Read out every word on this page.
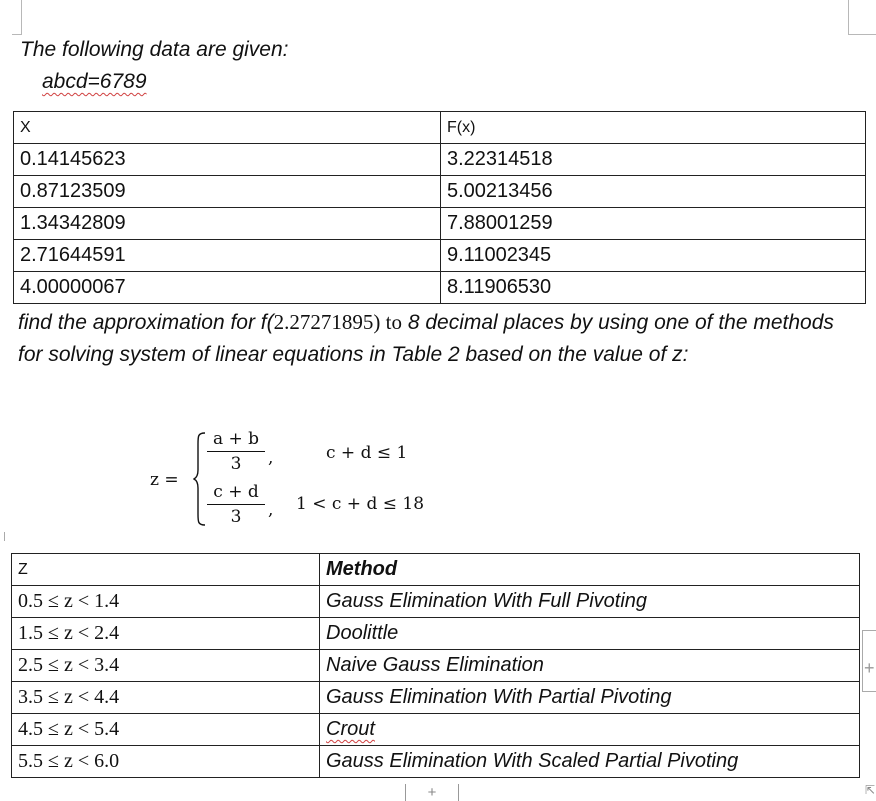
The following data are given:
abcd=6789
X	F(x)
0.14145623	3.22314518
0.87123509	5.00213456
1.34342809	7.88001259
2.71644591	9.11002345
4.00000067	8.11906530
find the approximation for f(2.27271895) to 8 decimal places by using one of the methods for solving system of linear equations in Table 2 based on the value of z:
z =
a + b
3	,	c + d ≤ 1
c + d
3	, 1 < c + d ≤ 18
Z	Method
0.5 ≤ z < 1.4	Gauss Elimination With Full Pivoting
1.5 ≤ z < 2.4	Doolittle
2.5 ≤ z < 3.4	Naive Gauss Elimination
3.5 ≤ z < 4.4	Gauss Elimination With Partial Pivoting
4.5 ≤ z < 5.4	Crout
5.5 ≤ z < 6.0	Gauss Elimination With Scaled Partial Pivoting
+
+	⇱
